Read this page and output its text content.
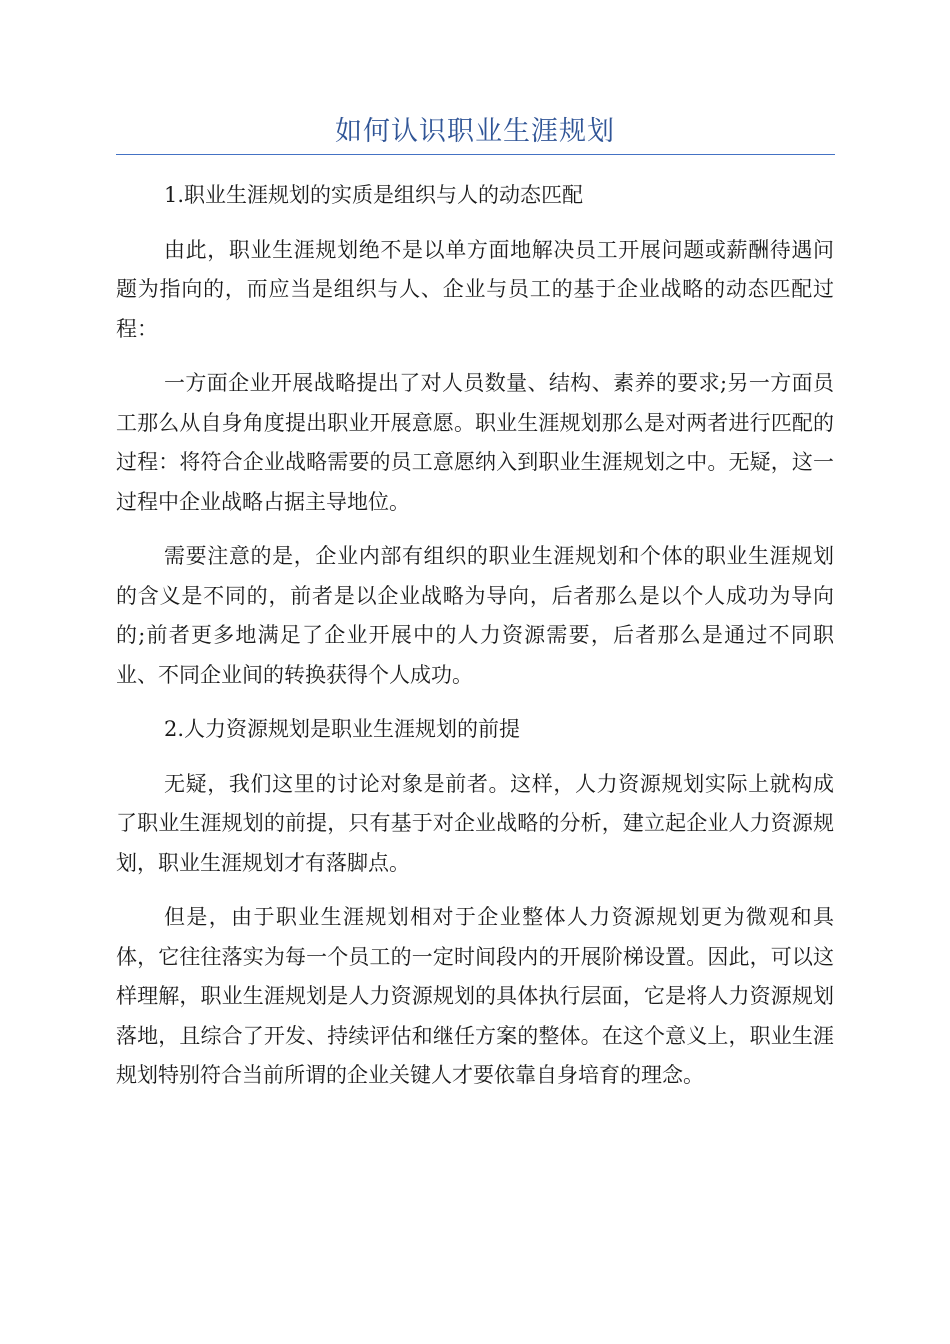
如何认识职业生涯规划

1.职业生涯规划的实质是组织与人的动态匹配

由此，职业生涯规划绝不是以单方面地解决员工开展问题或薪酬待遇问题为指向的，而应当是组织与人、企业与员工的基于企业战略的动态匹配过程：

一方面企业开展战略提出了对人员数量、结构、素养的要求;另一方面员工那么从自身角度提出职业开展意愿。职业生涯规划那么是对两者进行匹配的过程：将符合企业战略需要的员工意愿纳入到职业生涯规划之中。无疑，这一过程中企业战略占据主导地位。

需要注意的是，企业内部有组织的职业生涯规划和个体的职业生涯规划的含义是不同的，前者是以企业战略为导向，后者那么是以个人成功为导向的;前者更多地满足了企业开展中的人力资源需要，后者那么是通过不同职业、不同企业间的转换获得个人成功。

2.人力资源规划是职业生涯规划的前提

无疑，我们这里的讨论对象是前者。这样，人力资源规划实际上就构成了职业生涯规划的前提，只有基于对企业战略的分析，建立起企业人力资源规划，职业生涯规划才有落脚点。

但是，由于职业生涯规划相对于企业整体人力资源规划更为微观和具体，它往往落实为每一个员工的一定时间段内的开展阶梯设置。因此，可以这样理解，职业生涯规划是人力资源规划的具体执行层面，它是将人力资源规划落地，且综合了开发、持续评估和继任方案的整体。在这个意义上，职业生涯规划特别符合当前所谓的企业关键人才要依靠自身培育的理念。
